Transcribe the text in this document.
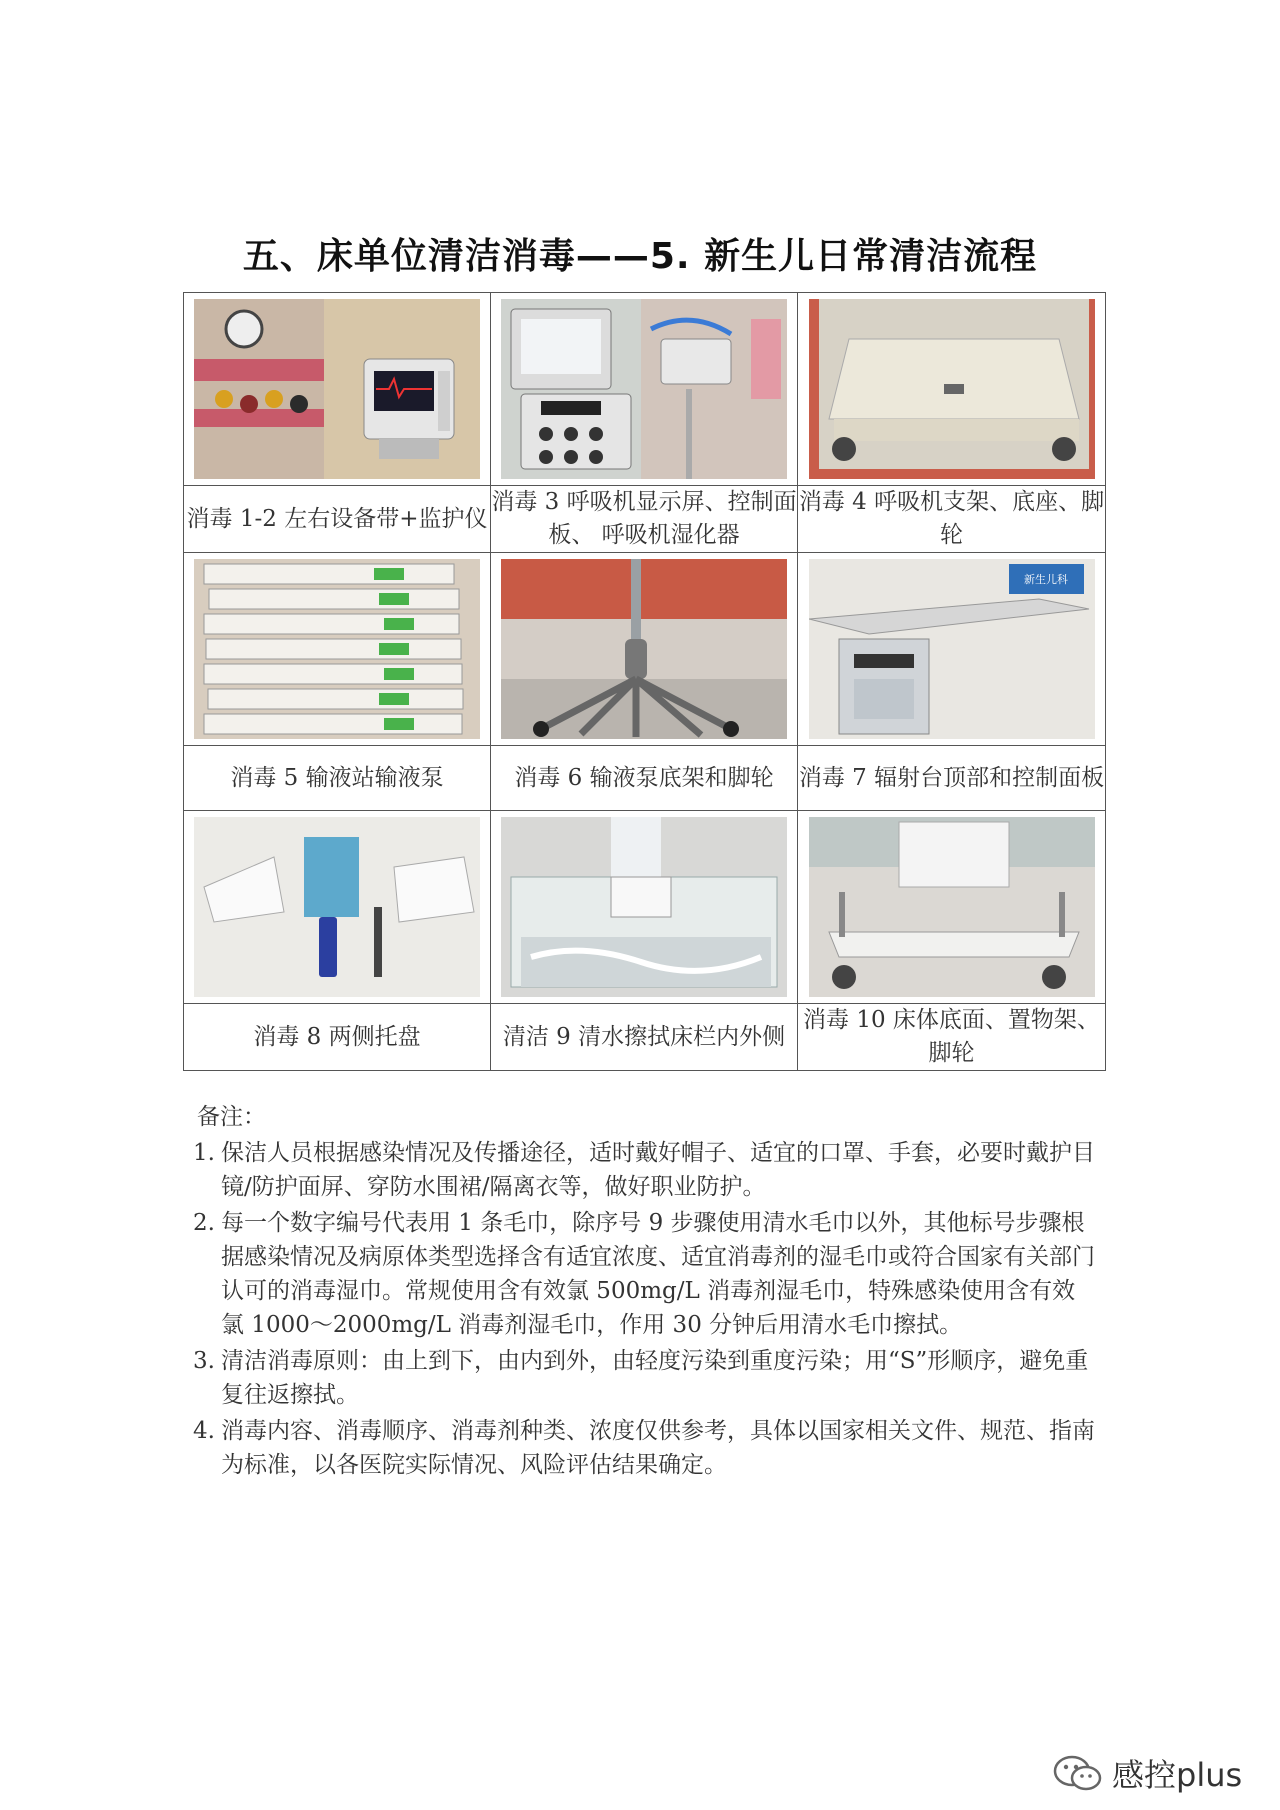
五、床单位清洁消毒——5. 新生儿日常清洁流程

消毒 1-2 左右设备带+监护仪	消毒 3 呼吸机显示屏、控制面板、 呼吸机湿化器	消毒 4 呼吸机支架、底座、脚轮

新生儿科

消毒 5 输液站输液泵	消毒 6 输液泵底架和脚轮	消毒 7 辐射台顶部和控制面板

消毒 8 两侧托盘	清洁 9 清水擦拭床栏内外侧	消毒 10 床体底面、置物架、脚轮
备注：
1. 保洁人员根据感染情况及传播途径，适时戴好帽子、适宜的口罩、手套，必要时戴护目镜/防护面屏、穿防水围裙/隔离衣等，做好职业防护。
2. 每一个数字编号代表用 1 条毛巾，除序号 9 步骤使用清水毛巾以外，其他标号步骤根据感染情况及病原体类型选择含有适宜浓度、适宜消毒剂的湿毛巾或符合国家有关部门认可的消毒湿巾。常规使用含有效氯 500mg/L 消毒剂湿毛巾，特殊感染使用含有效氯 1000～2000mg/L 消毒剂湿毛巾，作用 30 分钟后用清水毛巾擦拭。
3. 清洁消毒原则：由上到下，由内到外，由轻度污染到重度污染；用“S”形顺序，避免重复往返擦拭。
4. 消毒内容、消毒顺序、消毒剂种类、浓度仅供参考，具体以国家相关文件、规范、指南为标准，以各医院实际情况、风险评估结果确定。
感控plus
